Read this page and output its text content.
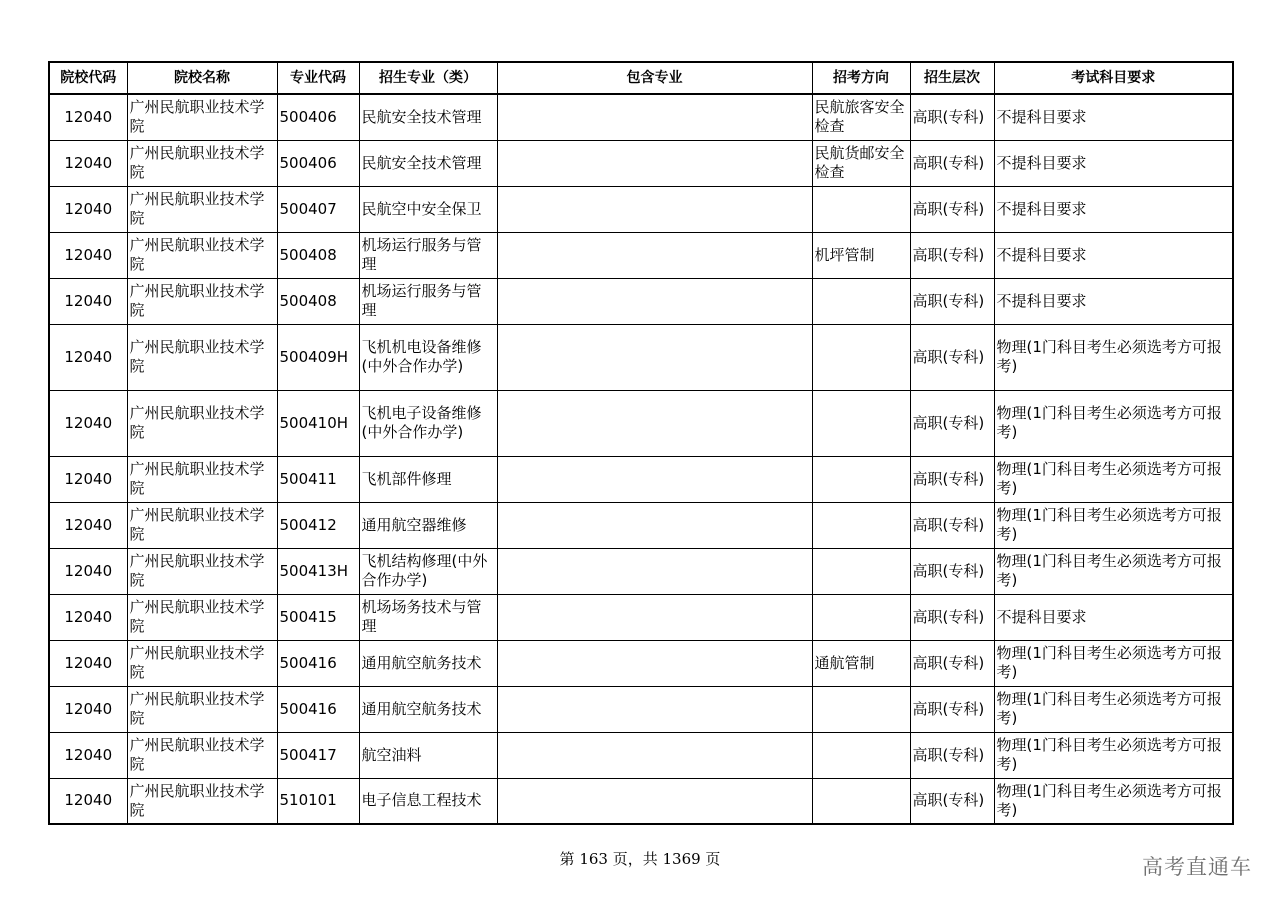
院校代码	院校名称	专业代码	招生专业（类）	包含专业	招考方向	招生层次	考试科目要求
12040	广州民航职业技术学院	500406	民航安全技术管理		民航旅客安全检查	高职(专科)	不提科目要求
12040	广州民航职业技术学院	500406	民航安全技术管理		民航货邮安全检查	高职(专科)	不提科目要求
12040	广州民航职业技术学院	500407	民航空中安全保卫			高职(专科)	不提科目要求
12040	广州民航职业技术学院	500408	机场运行服务与管理		机坪管制	高职(专科)	不提科目要求
12040	广州民航职业技术学院	500408	机场运行服务与管理			高职(专科)	不提科目要求
12040	广州民航职业技术学院	500409H	飞机机电设备维修(中外合作办学)			高职(专科)	物理(1门科目考生必须选考方可报考)
12040	广州民航职业技术学院	500410H	飞机电子设备维修(中外合作办学)			高职(专科)	物理(1门科目考生必须选考方可报考)
12040	广州民航职业技术学院	500411	飞机部件修理			高职(专科)	物理(1门科目考生必须选考方可报考)
12040	广州民航职业技术学院	500412	通用航空器维修			高职(专科)	物理(1门科目考生必须选考方可报考)
12040	广州民航职业技术学院	500413H	飞机结构修理(中外合作办学)			高职(专科)	物理(1门科目考生必须选考方可报考)
12040	广州民航职业技术学院	500415	机场场务技术与管理			高职(专科)	不提科目要求
12040	广州民航职业技术学院	500416	通用航空航务技术		通航管制	高职(专科)	物理(1门科目考生必须选考方可报考)
12040	广州民航职业技术学院	500416	通用航空航务技术			高职(专科)	物理(1门科目考生必须选考方可报考)
12040	广州民航职业技术学院	500417	航空油料			高职(专科)	物理(1门科目考生必须选考方可报考)
12040	广州民航职业技术学院	510101	电子信息工程技术			高职(专科)	物理(1门科目考生必须选考方可报考)
第 163 页，共 1369 页	高考直通车
